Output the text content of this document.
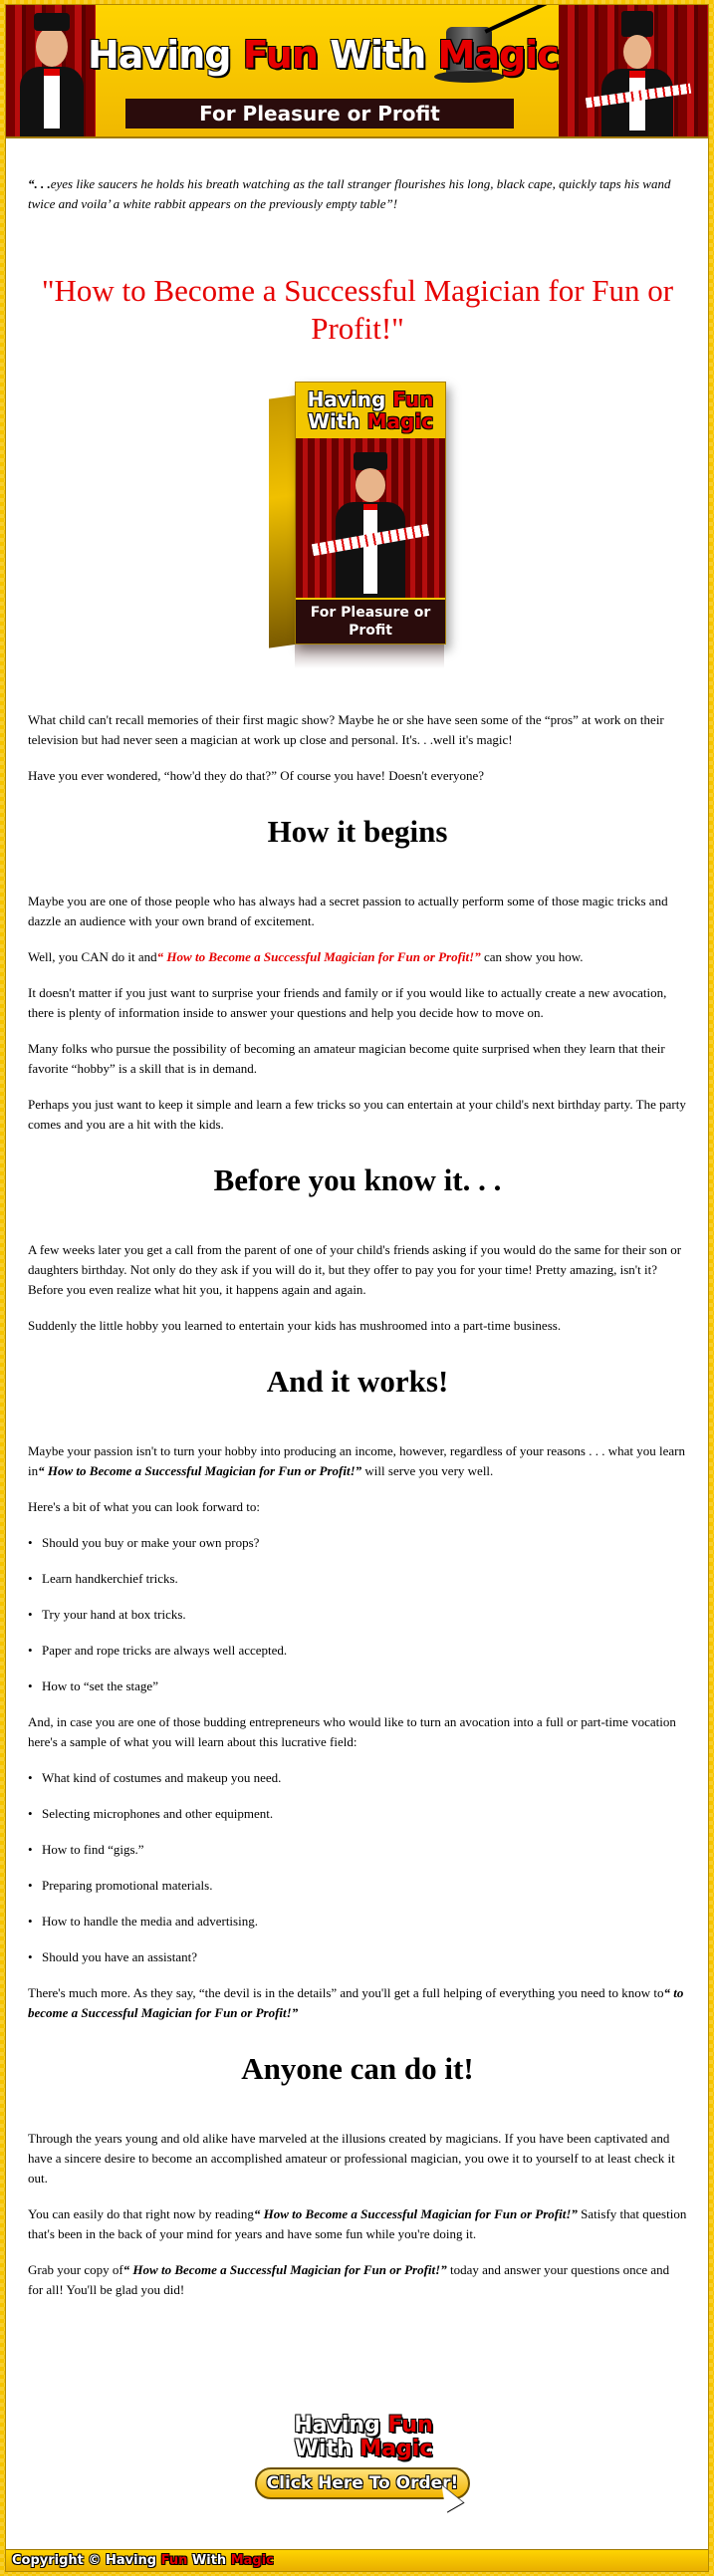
Having Fun With Magic
For Pleasure or Profit

“. . .eyes like saucers he holds his breath watching as the tall stranger flourishes his long, black cape, quickly taps his wand twice and voila’ a white rabbit appears on the previously empty table”!

"How to Become a Successful Magician for Fun or Profit!"
Having Fun
With Magic
For Pleasure or Profit

What child can't recall memories of their first magic show? Maybe he or she have seen some of the “pros” at work on their television but had never seen a magician at work up close and personal. It's. . .well it's magic!

Have you ever wondered, “how'd they do that?” Of course you have! Doesn't everyone?

How it begins

Maybe you are one of those people who has always had a secret passion to actually perform some of those magic tricks and dazzle an audience with your own brand of excitement.

Well, you CAN do it and“ How to Become a Successful Magician for Fun or Profit!” can show you how.

It doesn't matter if you just want to surprise your friends and family or if you would like to actually create a new avocation, there is plenty of information inside to answer your questions and help you decide how to move on.

Many folks who pursue the possibility of becoming an amateur magician become quite surprised when they learn that their favorite “hobby” is a skill that is in demand.

Perhaps you just want to keep it simple and learn a few tricks so you can entertain at your child's next birthday party. The party comes and you are a hit with the kids.

Before you know it. . .

A few weeks later you get a call from the parent of one of your child's friends asking if you would do the same for their son or daughters birthday. Not only do they ask if you will do it, but they offer to pay you for your time! Pretty amazing, isn't it? Before you even realize what hit you, it happens again and again.

Suddenly the little hobby you learned to entertain your kids has mushroomed into a part-time business.

And it works!

Maybe your passion isn't to turn your hobby into producing an income, however, regardless of your reasons . . . what you learn in“ How to Become a Successful Magician for Fun or Profit!” will serve you very well.

Here's a bit of what you can look forward to:

• Should you buy or make your own props?

• Learn handkerchief tricks.

• Try your hand at box tricks.

• Paper and rope tricks are always well accepted.

• How to “set the stage”

And, in case you are one of those budding entrepreneurs who would like to turn an avocation into a full or part-time vocation here's a sample of what you will learn about this lucrative field:

• What kind of costumes and makeup you need.

• Selecting microphones and other equipment.

• How to find “gigs.”

• Preparing promotional materials.

• How to handle the media and advertising.

• Should you have an assistant?

There's much more. As they say, “the devil is in the details” and you'll get a full helping of everything you need to know to“ to become a Successful Magician for Fun or Profit!”

Anyone can do it!

Through the years young and old alike have marveled at the illusions created by magicians. If you have been captivated and have a sincere desire to become an accomplished amateur or professional magician, you owe it to yourself to at least check it out.

You can easily do that right now by reading“ How to Become a Successful Magician for Fun or Profit!” Satisfy that question that's been in the back of your mind for years and have some fun while you're doing it.

Grab your copy of“ How to Become a Successful Magician for Fun or Profit!” today and answer your questions once and for all! You'll be glad you did!

Having Fun
With Magic
Click Here To Order!
Copyright © Having Fun With Magic
